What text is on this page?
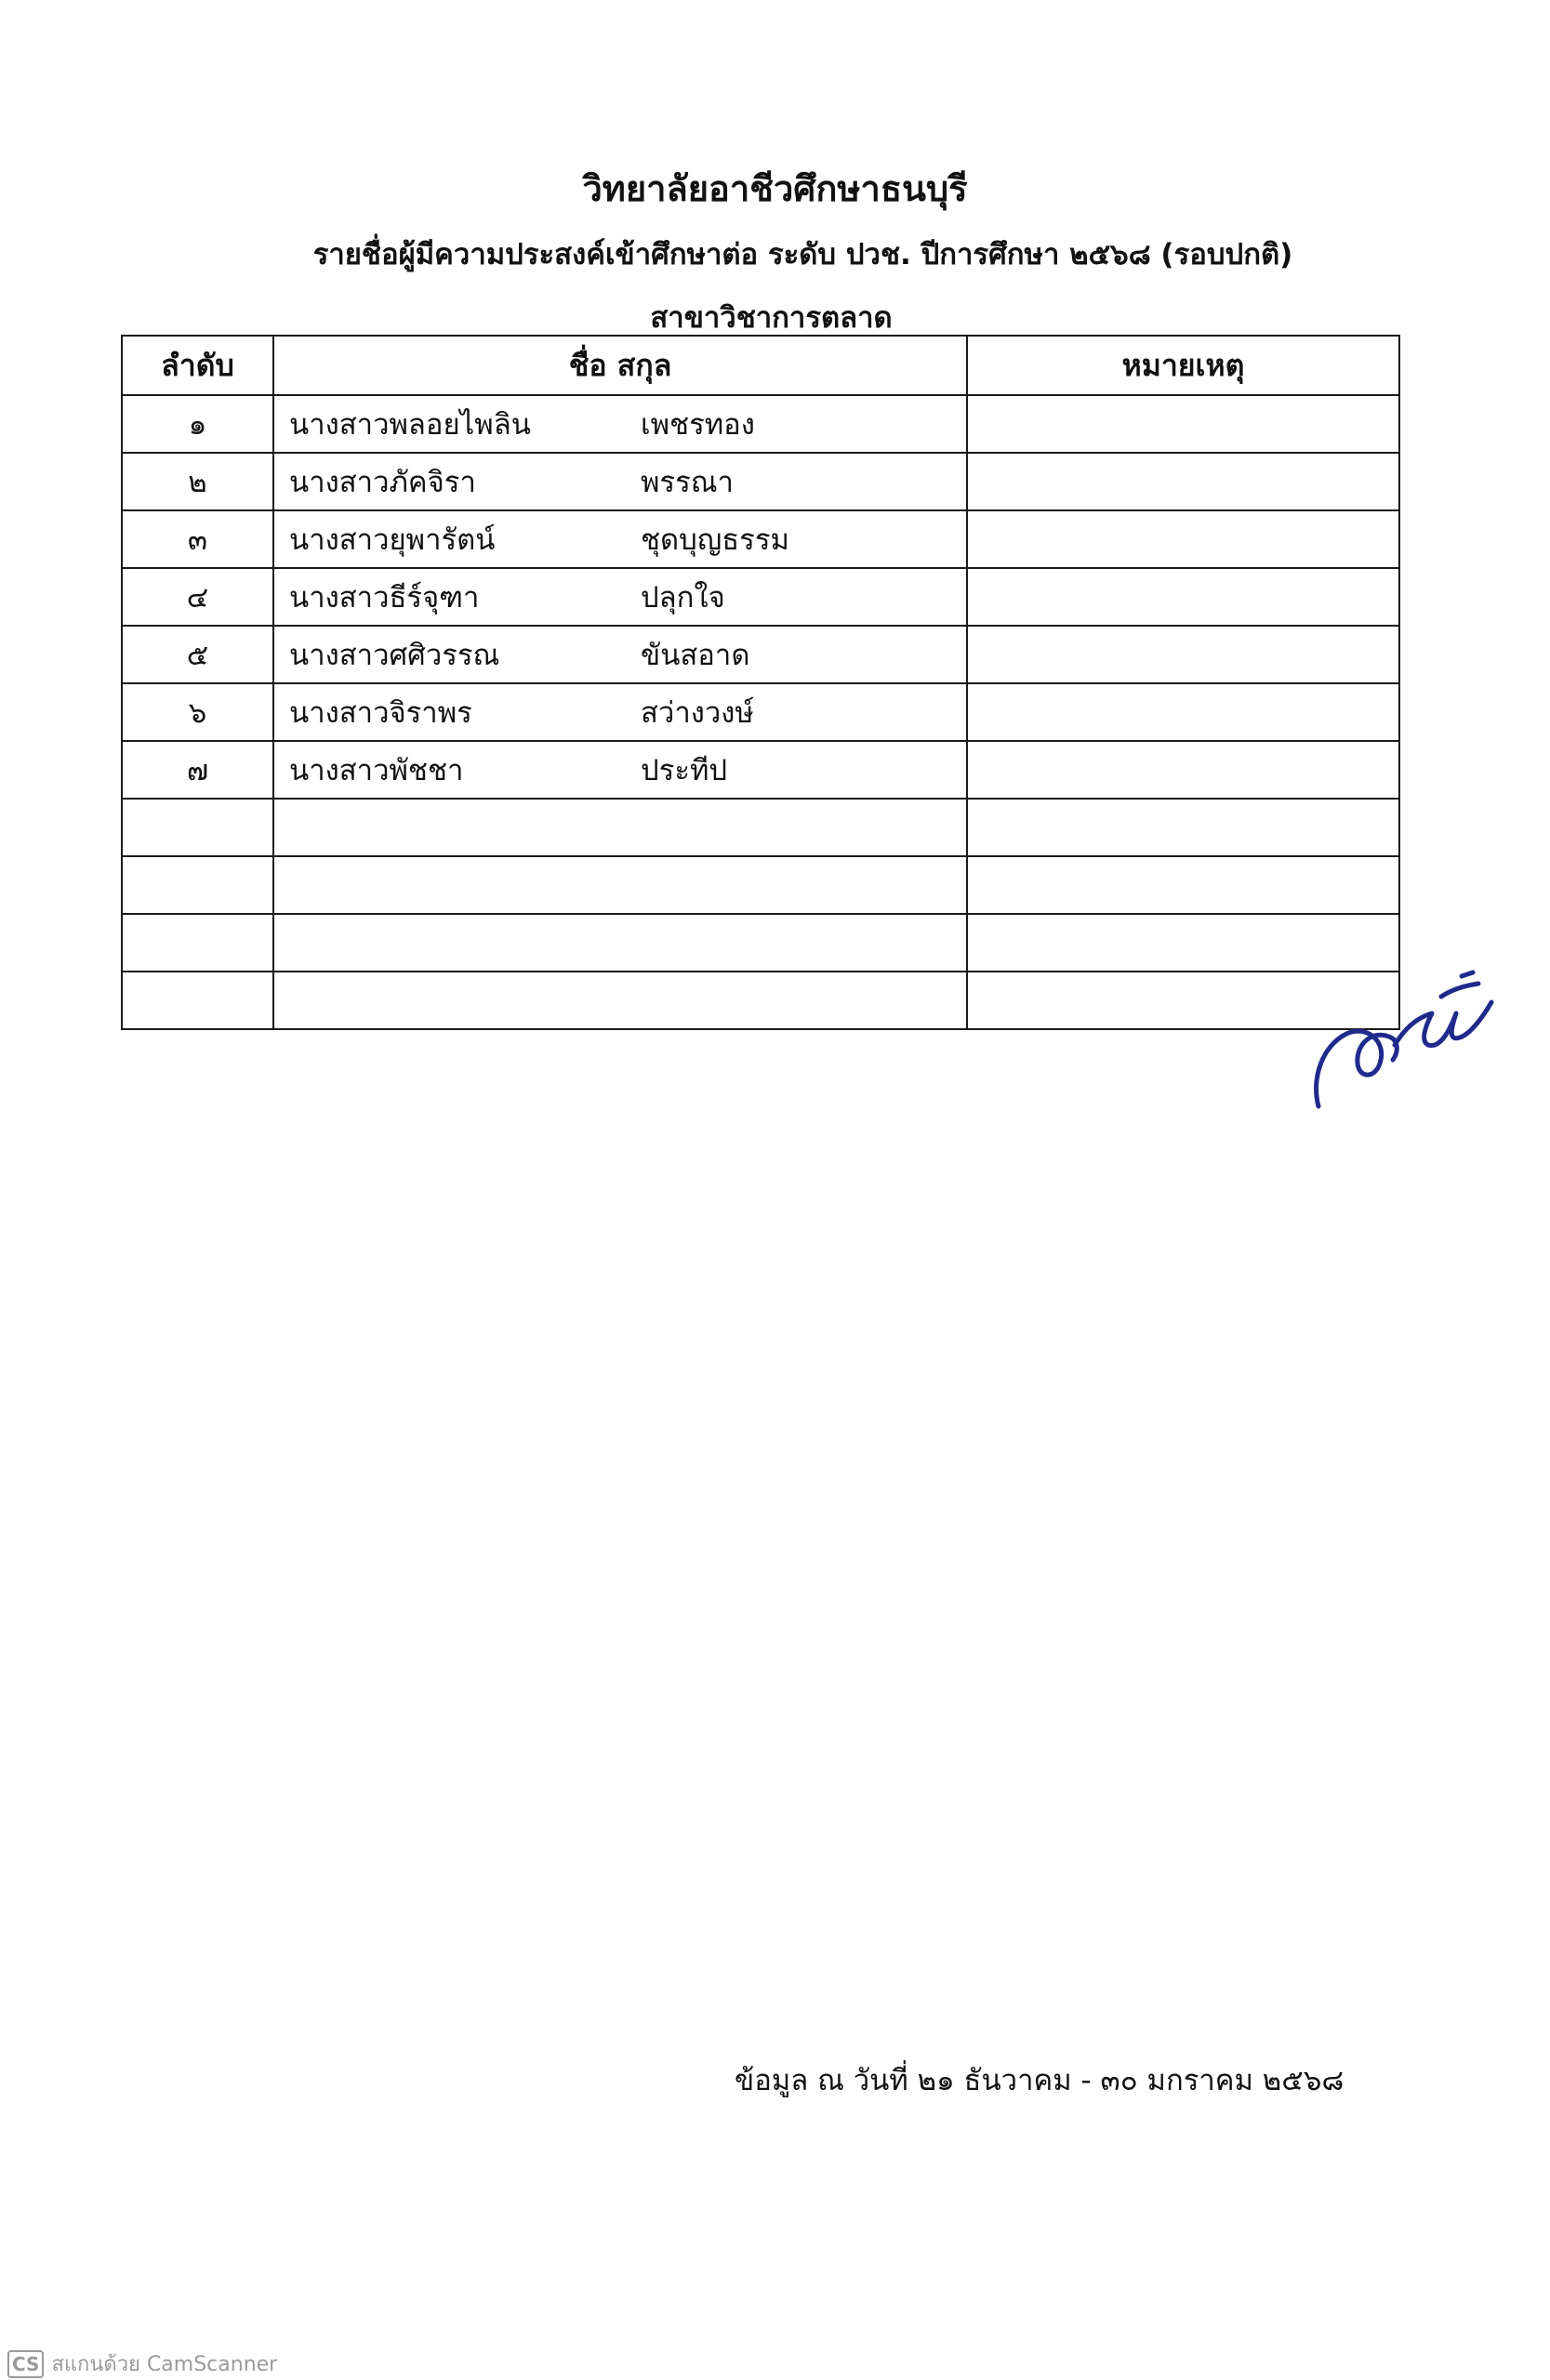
วิทยาลัยอาชีวศึกษาธนบุรี
รายชื่อผู้มีความประสงค์เข้าศึกษาต่อ ระดับ ปวช. ปีการศึกษา ๒๕๖๘ (รอบปกติ)
สาขาวิชาการตลาด
ลำดับ	ชื่อ สกุล	หมายเหตุ
๑	นางสาวพลอยไพลิน เพชรทอง	
๒	นางสาวภัคจิรา พรรณา	
๓	นางสาวยุพารัตน์ ชุดบุญธรรม	
๔	นางสาวธีร์จุฑา ปลุกใจ	
๕	นางสาวศศิวรรณ ขันสอาด	
๖	นางสาวจิราพร สว่างวงษ์	
๗	นางสาวพัชชา ประทีป	

ข้อมูล ณ วันที่ ๒๑ ธันวาคม - ๓๐ มกราคม ๒๕๖๘
CS สแกนด้วย CamScanner
